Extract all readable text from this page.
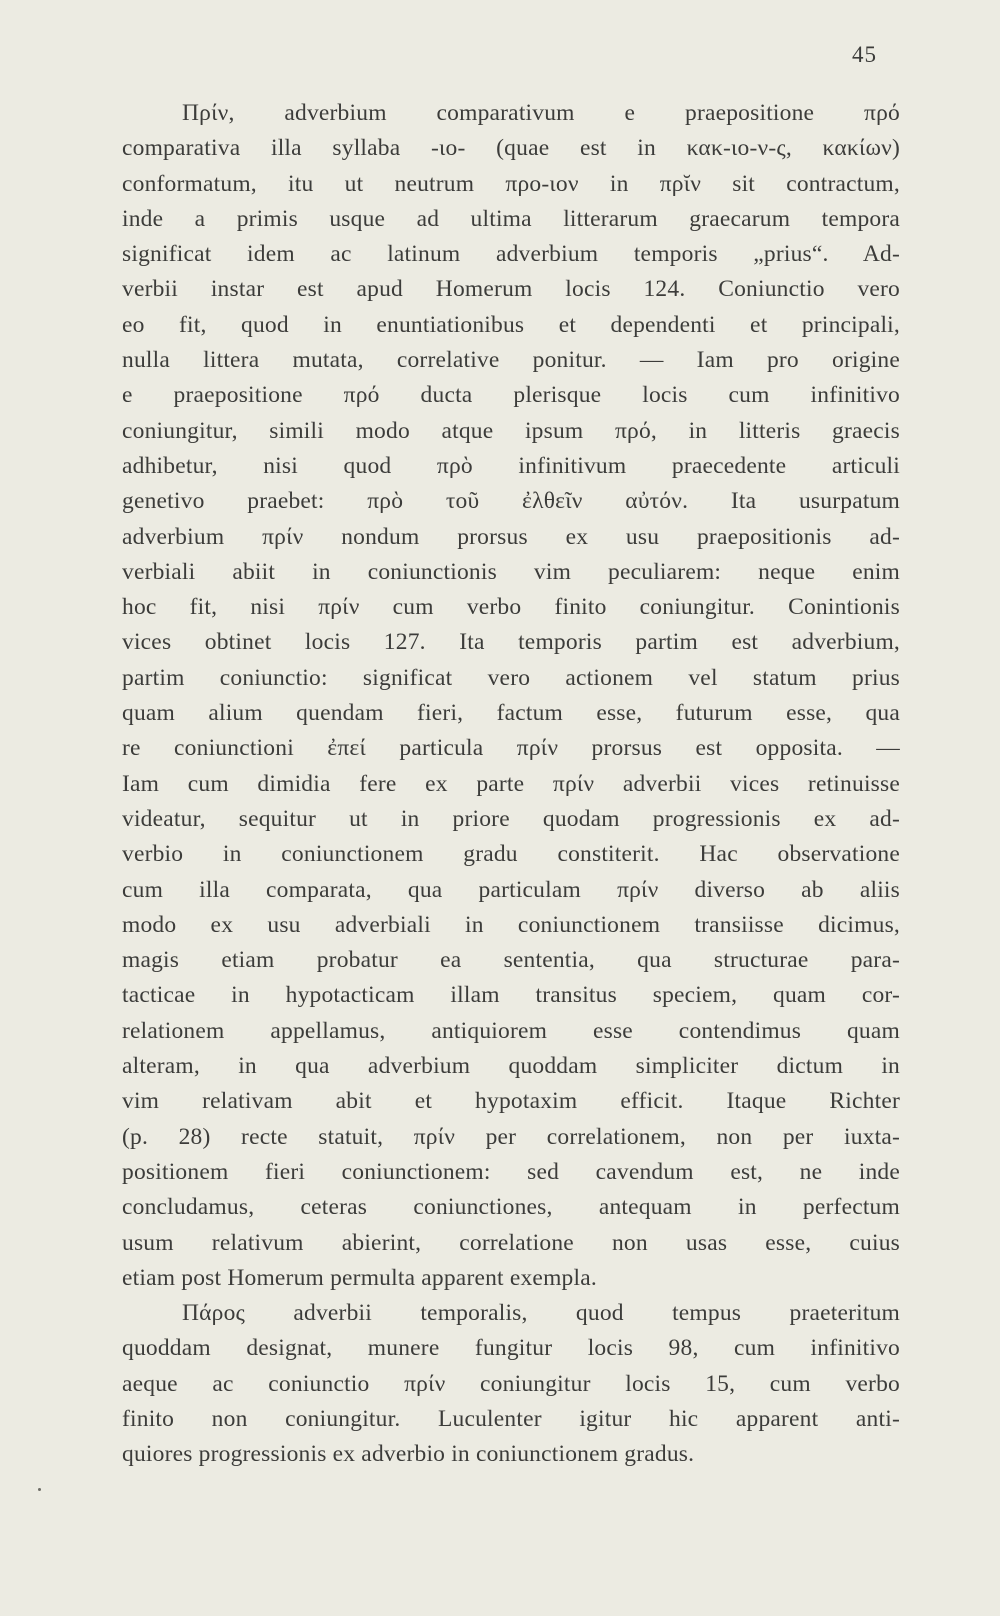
45
Πρίν, adverbium comparativum e praepositione πρό
comparativa illa syllaba -ιο- (quae est in κακ-ιο-ν-ς, κακίων)
conformatum, itu ut neutrum προ-ιον in πρῐν sit contractum,
inde a primis usque ad ultima litterarum graecarum tempora
significat idem ac latinum adverbium temporis „prius“. Ad-
verbii instar est apud Homerum locis 124. Coniunctio vero
eo fit, quod in enuntiationibus et dependenti et principali,
nulla littera mutata, correlative ponitur. — Iam pro origine
e praepositione πρό ducta plerisque locis cum infinitivo
coniungitur, simili modo atque ipsum πρό, in litteris graecis
adhibetur, nisi quod πρὸ infinitivum praecedente articuli
genetivo praebet: πρὸ τοῦ ἐλθεῖν αὐτόν. Ita usurpatum
adverbium πρίν nondum prorsus ex usu praepositionis ad-
verbiali abiit in coniunctionis vim peculiarem: neque enim
hoc fit, nisi πρίν cum verbo finito coniungitur. Conintionis
vices obtinet locis 127. Ita temporis partim est adverbium,
partim coniunctio: significat vero actionem vel statum prius
quam alium quendam fieri, factum esse, futurum esse, qua
re coniunctioni ἐπεί particula πρίν prorsus est opposita. —
Iam cum dimidia fere ex parte πρίν adverbii vices retinuisse
videatur, sequitur ut in priore quodam progressionis ex ad-
verbio in coniunctionem gradu constiterit. Hac observatione
cum illa comparata, qua particulam πρίν diverso ab aliis
modo ex usu adverbiali in coniunctionem transiisse dicimus,
magis etiam probatur ea sententia, qua structurae para-
tacticae in hypotacticam illam transitus speciem, quam cor-
relationem appellamus, antiquiorem esse contendimus quam
alteram, in qua adverbium quoddam simpliciter dictum in
vim relativam abit et hypotaxim efficit. Itaque Richter
(p. 28) recte statuit, πρίν per correlationem, non per iuxta-
positionem fieri coniunctionem: sed cavendum est, ne inde
concludamus, ceteras coniunctiones, antequam in perfectum
usum relativum abierint, correlatione non usas esse, cuius
etiam post Homerum permulta apparent exempla.
Πάρος adverbii temporalis, quod tempus praeteritum
quoddam designat, munere fungitur locis 98, cum infinitivo
aeque ac coniunctio πρίν coniungitur locis 15, cum verbo
finito non coniungitur. Luculenter igitur hic apparent anti-
quiores progressionis ex adverbio in coniunctionem gradus.
